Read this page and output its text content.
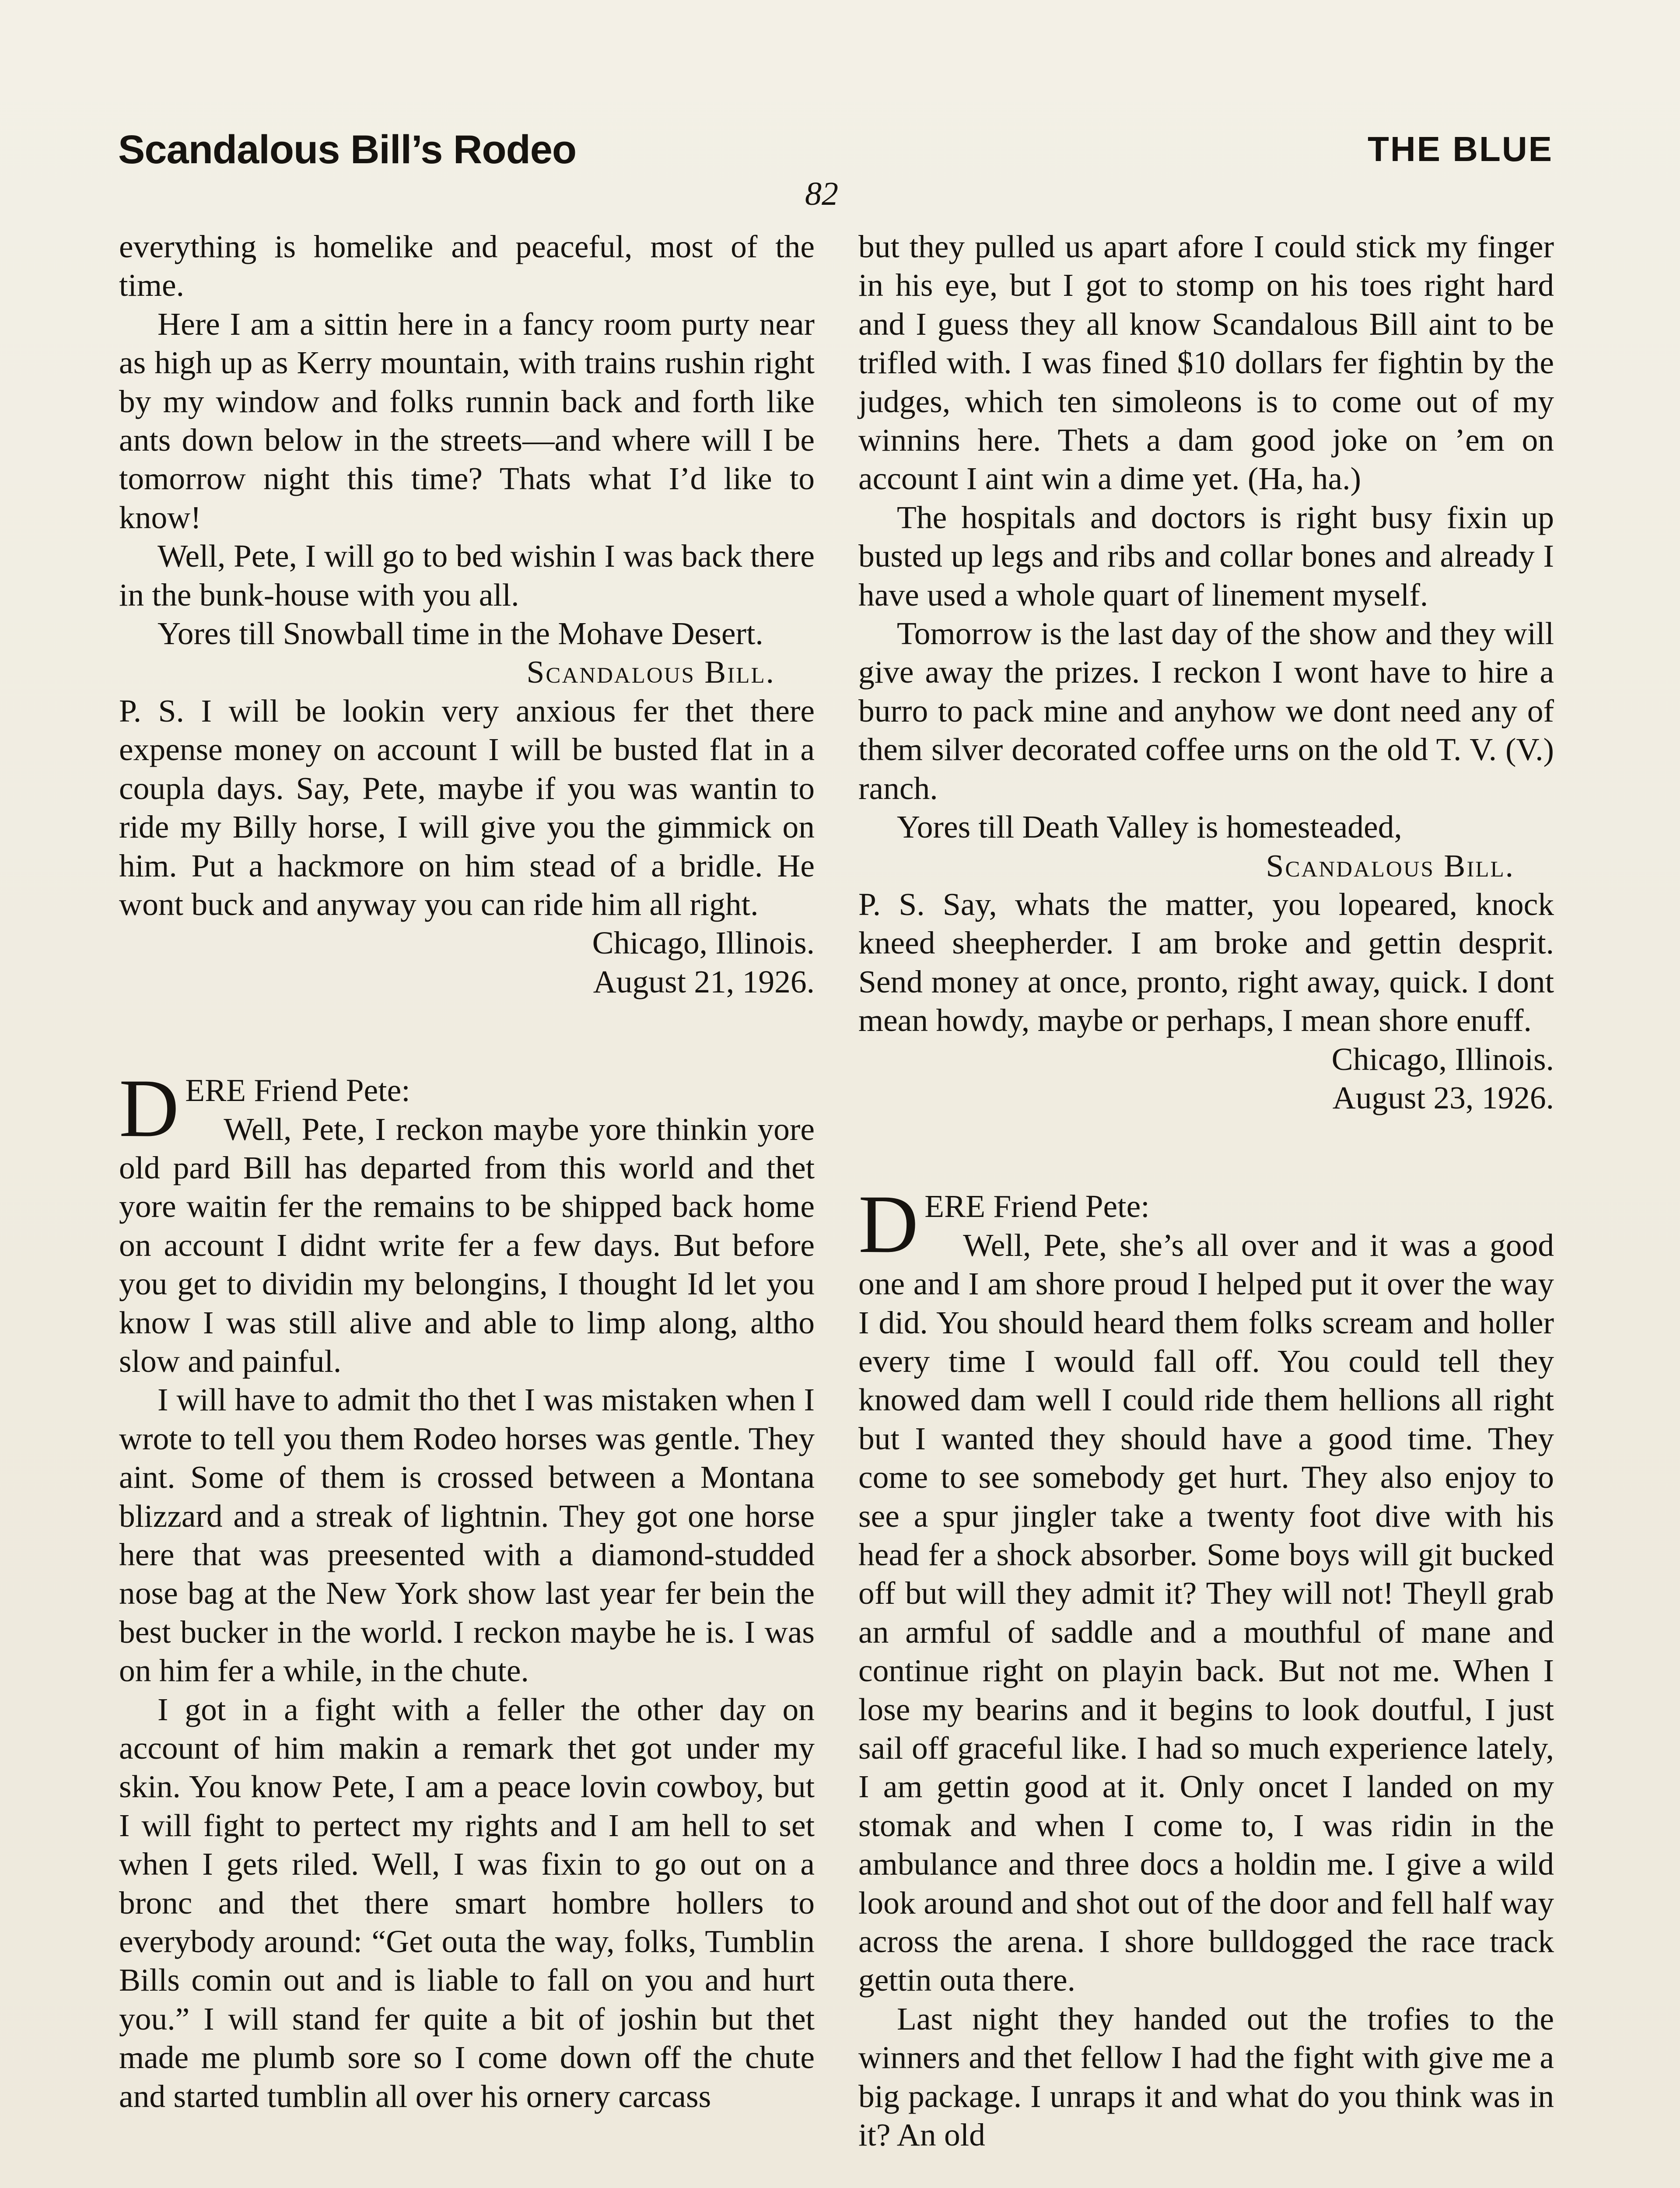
Scandalous Bill’s Rodeo	THE BLUE
82

everything is homelike and peaceful, most of the time.

Here I am a sittin here in a fancy room purty near as high up as Kerry mountain, with trains rushin right by my window and folks runnin back and forth like ants down below in the streets—and where will I be tomorrow night this time? Thats what I’d like to know!

Well, Pete, I will go to bed wishin I was back there in the bunk-house with you all.

Yores till Snowball time in the Mohave Desert.

Scandalous Bill.

P. S. I will be lookin very anxious fer thet there expense money on account I will be busted flat in a coupla days. Say, Pete, maybe if you was wantin to ride my Billy horse, I will give you the gimmick on him. Put a hackmore on him stead of a bridle. He wont buck and anyway you can ride him all right.

Chicago, Illinois.

August 21, 1926.

DERE Friend Pete:

Well, Pete, I reckon maybe yore thinkin yore old pard Bill has departed from this world and thet yore waitin fer the remains to be shipped back home on account I didnt write fer a few days. But before you get to dividin my belongins, I thought Id let you know I was still alive and able to limp along, altho slow and painful.

I will have to admit tho thet I was mistaken when I wrote to tell you them Rodeo horses was gentle. They aint. Some of them is crossed between a Montana blizzard and a streak of lightnin. They got one horse here that was preesented with a diamond-studded nose bag at the New York show last year fer bein the best bucker in the world. I reckon maybe he is. I was on him fer a while, in the chute.

I got in a fight with a feller the other day on account of him makin a remark thet got under my skin. You know Pete, I am a peace lovin cowboy, but I will fight to pertect my rights and I am hell to set when I gets riled. Well, I was fixin to go out on a bronc and thet there smart hombre hollers to everybody around: “Get outa the way, folks, Tumblin Bills comin out and is liable to fall on you and hurt you.” I will stand fer quite a bit of joshin but thet made me plumb sore so I come down off the chute and started tumblin all over his ornery carcass

but they pulled us apart afore I could stick my finger in his eye, but I got to stomp on his toes right hard and I guess they all know Scandalous Bill aint to be trifled with. I was fined $10 dollars fer fightin by the judges, which ten simoleons is to come out of my winnins here. Thets a dam good joke on ’em on account I aint win a dime yet. (Ha, ha.)

The hospitals and doctors is right busy fixin up busted up legs and ribs and collar bones and already I have used a whole quart of linement myself.

Tomorrow is the last day of the show and they will give away the prizes. I reckon I wont have to hire a burro to pack mine and anyhow we dont need any of them silver decorated coffee urns on the old T. V. (V.) ranch.

Yores till Death Valley is homesteaded,

Scandalous Bill.

P. S. Say, whats the matter, you lopeared, knock kneed sheepherder. I am broke and gettin desprit. Send money at once, pronto, right away, quick. I dont mean howdy, maybe or perhaps, I mean shore enuff.

Chicago, Illinois.

August 23, 1926.

DERE Friend Pete:

Well, Pete, she’s all over and it was a good one and I am shore proud I helped put it over the way I did. You should heard them folks scream and holler every time I would fall off. You could tell they knowed dam well I could ride them hellions all right but I wanted they should have a good time. They come to see somebody get hurt. They also enjoy to see a spur jingler take a twenty foot dive with his head fer a shock absorber. Some boys will git bucked off but will they admit it? They will not! Theyll grab an armful of saddle and a mouthful of mane and continue right on playin back. But not me. When I lose my bearins and it begins to look doutful, I just sail off graceful like. I had so much experience lately, I am gettin good at it. Only oncet I landed on my stomak and when I come to, I was ridin in the ambulance and three docs a holdin me. I give a wild look around and shot out of the door and fell half way across the arena. I shore bulldogged the race track gettin outa there.

Last night they handed out the trofies to the winners and thet fellow I had the fight with give me a big package. I unraps it and what do you think was in it? An old
